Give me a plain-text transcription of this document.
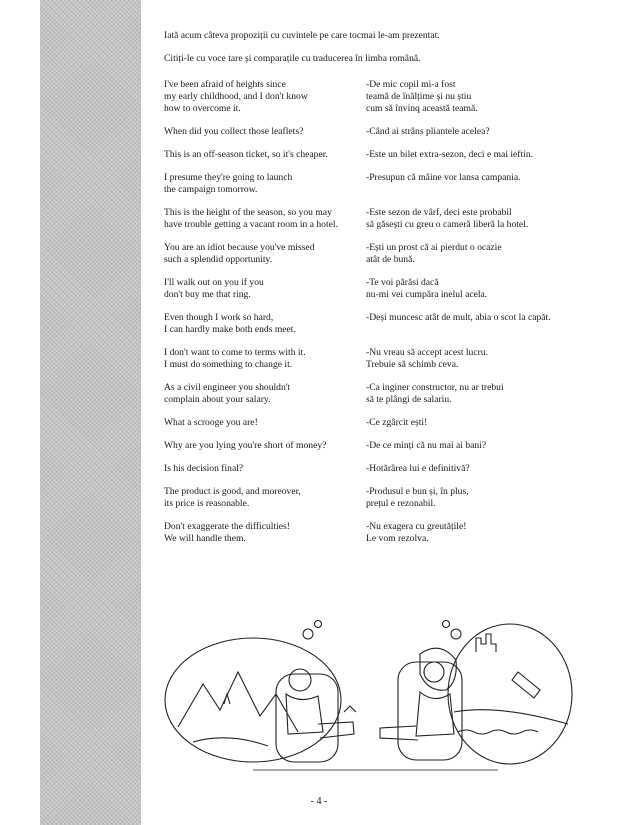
Iată acum câteva propoziții cu cuvintele pe care tocmai le-am prezentat.

Citiți-le cu voce tare și comparațile cu traducerea în limba română.

I've been afraid of heights since
my early childhood, and I don't know
how to overcome it.
-De mic copil mi-a fost
teamă de înălțime și nu știu
cum să învinq această teamă.
When did you collect those leaflets?	-Când ai strâns pliantele acelea?
This is an off-season ticket, so it's cheaper.	-Este un bilet extra-sezon, deci e mai ieftin.
I presume they're going to launch
the campaign tomorrow.
-Presupun că mâine vor lansa campania.
This is the height of the season, so you may
have trouble getting a vacant room in a hotel.
-Este sezon de vârf, deci este probabil
să găsești cu greu o cameră liberă la hotel.
You are an idiot because you've missed
such a splendid opportunity.
-Ești un prost că ai pierdut o ocazie
atât de bună.
I'll walk out on you if you
don't buy me that ring.
-Te voi părăsi dacă
nu-mi vei cumpăra inelul acela.
Even though I work so hard,
I can hardly make both ends meet.
-Deși muncesc atât de mult, abia o scot la capăt.
I don't want to come to terms with it.
I must do something to change it.
-Nu vreau să accept acest lucru.
Trebuie să schimb ceva.
As a civil engineer you shouldn't
complain about your salary.
-Ca inginer constructor, nu ar trebui
să te plângi de salariu.
What a scrooge you are!	-Ce zgârcit ești!
Why are you lying you're short of money?	-De ce minți că nu mai ai bani?
Is his decision final?	-Hotărârea lui e definitivă?
The product is good, and moreover,
its price is reasonable.
-Produsul e bun și, în plus,
prețul e rezonabil.
Don't exaggerate the difficulties!
We will handle them.
-Nu exagera cu greutățile!
Le vom rezolva.
- 4 -
